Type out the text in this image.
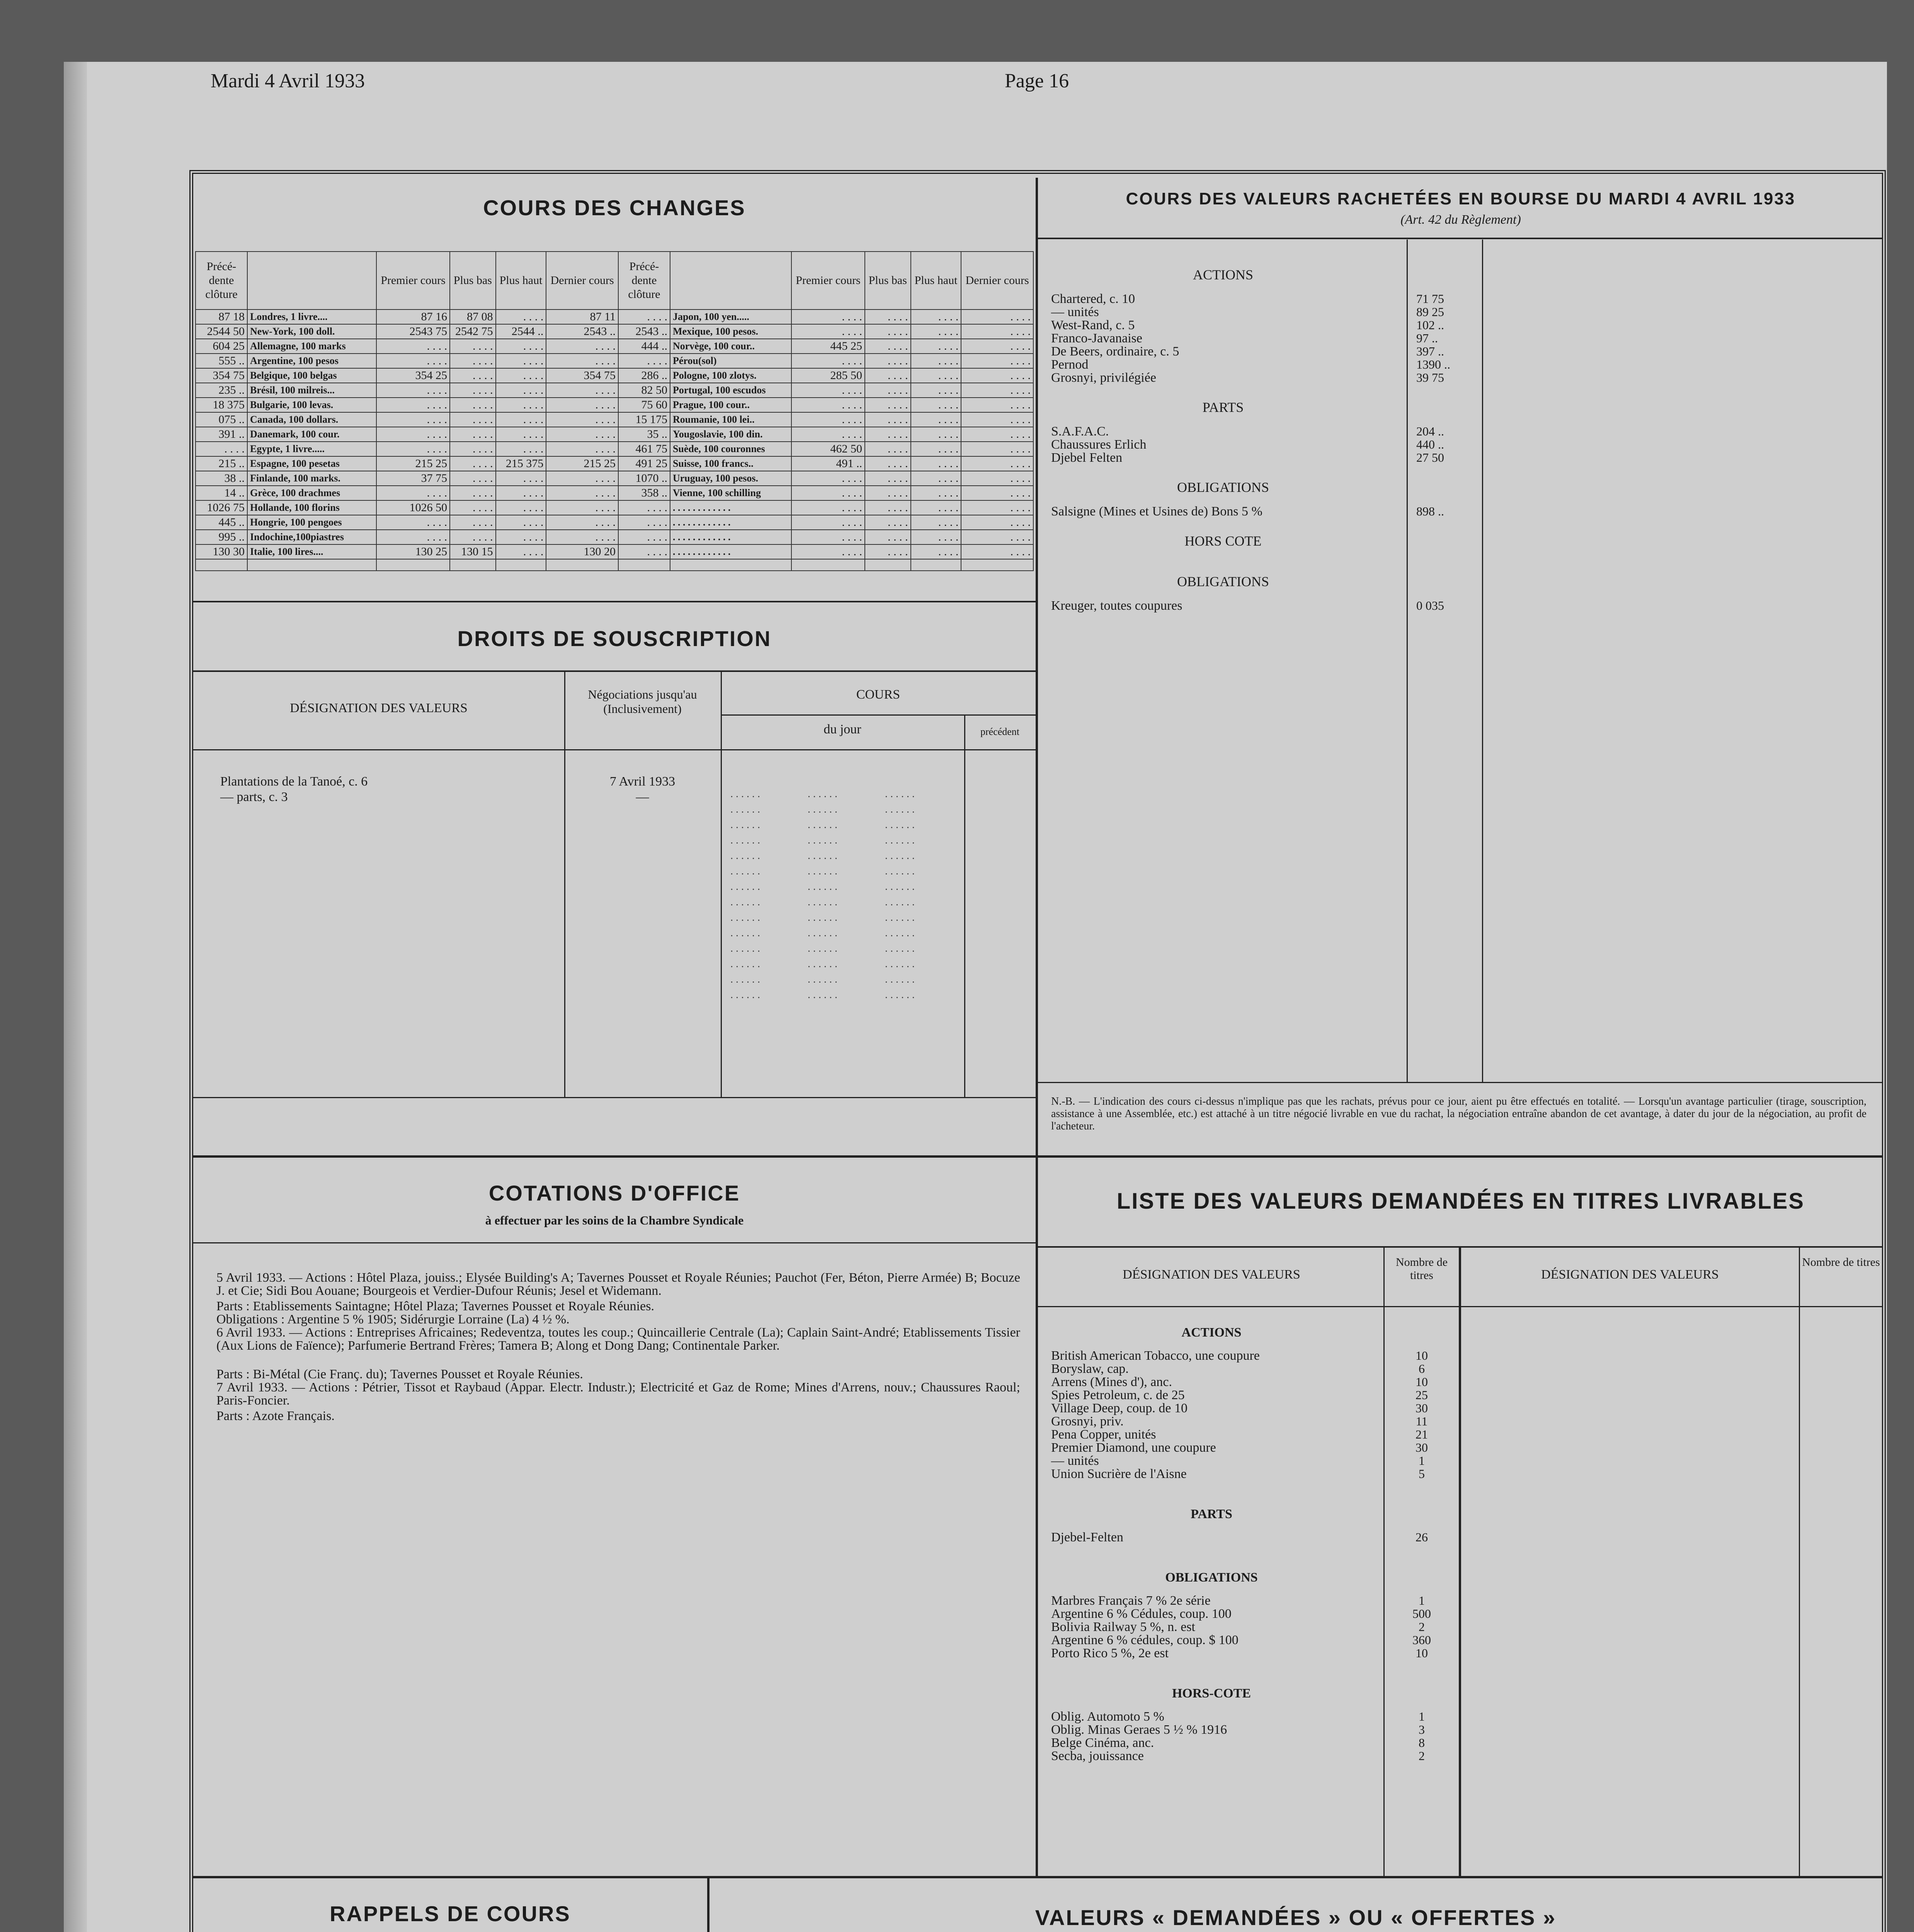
Mardi 4 Avril 1933	Page 16
COURS DES CHANGES
Précé-dente clôture		Premier cours	Plus bas	Plus haut	Dernier cours	Précé-dente clôture		Premier cours	Plus bas	Plus haut	Dernier cours
87 18	Londres, 1 livre....	87 16	87 08	. . . .	87 11	. . . .	Japon, 100 yen.....	. . . .	. . . .	. . . .	. . . .
2544 50	New-York, 100 doll.	2543 75	2542 75	2544 ..	2543 ..	2543 ..	Mexique, 100 pesos.	. . . .	. . . .	. . . .	. . . .
604 25	Allemagne, 100 marks	. . . .	. . . .	. . . .	. . . .	444 ..	Norvège, 100 cour..	445 25	. . . .	. . . .	. . . .
555 ..	Argentine, 100 pesos	. . . .	. . . .	. . . .	. . . .	. . . .	Pérou(sol)	. . . .	. . . .	. . . .	. . . .
354 75	Belgique, 100 belgas	354 25	. . . .	. . . .	354 75	286 ..	Pologne, 100 zlotys.	285 50	. . . .	. . . .	. . . .
235 ..	Brésil, 100 milreis...	. . . .	. . . .	. . . .	. . . .	82 50	Portugal, 100 escudos	. . . .	. . . .	. . . .	. . . .
18 375	Bulgarie, 100 levas.	. . . .	. . . .	. . . .	. . . .	75 60	Prague, 100 cour..	. . . .	. . . .	. . . .	. . . .
075 ..	Canada, 100 dollars.	. . . .	. . . .	. . . .	. . . .	15 175	Roumanie, 100 lei..	. . . .	. . . .	. . . .	. . . .
391 ..	Danemark, 100 cour.	. . . .	. . . .	. . . .	. . . .	35 ..	Yougoslavie, 100 din.	. . . .	. . . .	. . . .	. . . .
. . . .	Egypte, 1 livre.....	. . . .	. . . .	. . . .	. . . .	461 75	Suède, 100 couronnes	462 50	. . . .	. . . .	. . . .
215 ..	Espagne, 100 pesetas	215 25	. . . .	215 375	215 25	491 25	Suisse, 100 francs..	491 ..	. . . .	. . . .	. . . .
38 ..	Finlande, 100 marks.	37 75	. . . .	. . . .	. . . .	1070 ..	Uruguay, 100 pesos.	. . . .	. . . .	. . . .	. . . .
14 ..	Grèce, 100 drachmes	. . . .	. . . .	. . . .	. . . .	358 ..	Vienne, 100 schilling	. . . .	. . . .	. . . .	. . . .
1026 75	Hollande, 100 florins	1026 50	. . . .	. . . .	. . . .	. . . .	. . . . . . . . . . . .	. . . .	. . . .	. . . .	. . . .
445 ..	Hongrie, 100 pengoes	. . . .	. . . .	. . . .	. . . .	. . . .	. . . . . . . . . . . .	. . . .	. . . .	. . . .	. . . .
995 ..	Indochine,100piastres	. . . .	. . . .	. . . .	. . . .	. . . .	. . . . . . . . . . . .	. . . .	. . . .	. . . .	. . . .
130 30	Italie, 100 lires....	130 25	130 15	. . . .	130 20	. . . .	. . . . . . . . . . . .	. . . .	. . . .	. . . .	. . . .

DROITS DE SOUSCRIPTION
DÉSIGNATION DES VALEURS
Négociations jusqu'au (Inclusivement)
COURS
du jour	précédent
Plantations de la Tanoé, c. 6	7 Avril 1933
— parts, c. 3	—	. . . . . .	. . . . . .	. . . . . .
. . . . . .	. . . . . .	. . . . . .
. . . . . .	. . . . . .	. . . . . .
. . . . . .	. . . . . .	. . . . . .
. . . . . .	. . . . . .	. . . . . .
. . . . . .	. . . . . .	. . . . . .
. . . . . .	. . . . . .	. . . . . .
. . . . . .	. . . . . .	. . . . . .
. . . . . .	. . . . . .	. . . . . .
. . . . . .	. . . . . .	. . . . . .
. . . . . .	. . . . . .	. . . . . .
. . . . . .	. . . . . .	. . . . . .
. . . . . .	. . . . . .	. . . . . .
. . . . . .	. . . . . .	. . . . . .
COURS DES VALEURS RACHETÉES EN BOURSE DU MARDI 4 AVRIL 1933
(Art. 42 du Règlement)
ACTIONS
Chartered, c. 10	71 75
— unités	89 25
West-Rand, c. 5	102 ..
Franco-Javanaise	97 ..
De Beers, ordinaire, c. 5	397 ..
Pernod	1390 ..
Grosnyi, privilégiée	39 75
PARTS
S.A.F.A.C.	204 ..
Chaussures Erlich	440 ..
Djebel Felten	27 50
OBLIGATIONS
Salsigne (Mines et Usines de) Bons 5 %	898 ..
HORS COTE
OBLIGATIONS
Kreuger, toutes coupures	0 035
N.-B. — L'indication des cours ci-dessus n'implique pas que les rachats, prévus pour ce jour, aient pu être effectués en totalité. — Lorsqu'un avantage particulier (tirage, souscription, assistance à une Assemblée, etc.) est attaché à un titre négocié livrable en vue du rachat, la négociation entraîne abandon de cet avantage, à dater du jour de la négociation, au profit de l'acheteur.
COTATIONS D'OFFICE
à effectuer par les soins de la Chambre Syndicale
5 Avril 1933. — Actions : Hôtel Plaza, jouiss.; Elysée Building's A; Tavernes Pousset et Royale Réunies; Pauchot (Fer, Béton, Pierre Armée) B; Bocuze J. et Cie; Sidi Bou Aouane; Bourgeois et Verdier-Dufour Réunis; Jesel et Widemann.
Parts : Etablissements Saintagne; Hôtel Plaza; Tavernes Pousset et Royale Réunies.
Obligations : Argentine 5 % 1905; Sidérurgie Lorraine (La) 4 ½ %.
6 Avril 1933. — Actions : Entreprises Africaines; Redeventza, toutes les coup.; Quincaillerie Centrale (La); Caplain Saint-André; Etablissements Tissier (Aux Lions de Faïence); Parfumerie Bertrand Frères; Tamera B; Along et Dong Dang; Continentale Parker.
Parts : Bi-Métal (Cie Franç. du); Tavernes Pousset et Royale Réunies.
7 Avril 1933. — Actions : Pétrier, Tissot et Raybaud (Appar. Electr. Industr.); Electricité et Gaz de Rome; Mines d'Arrens, nouv.; Chaussures Raoul; Paris-Foncier.
Parts : Azote Français.
LISTE DES VALEURS DEMANDÉES EN TITRES LIVRABLES
DÉSIGNATION DES VALEURS
Nombre de titres	DÉSIGNATION DES VALEURS
Nombre de titres
ACTIONS
British American Tobacco, une coupure	10
Boryslaw, cap.	6
Arrens (Mines d'), anc.	10
Spies Petroleum, c. de 25	25
Village Deep, coup. de 10	30
Grosnyi, priv.	11
Pena Copper, unités	21
Premier Diamond, une coupure	30
— unités	1
Union Sucrière de l'Aisne	5
PARTS
Djebel-Felten	26
OBLIGATIONS
Marbres Français 7 % 2e série	1
Argentine 6 % Cédules, coup. 100	500
Bolivia Railway 5 %, n. est	2
Argentine 6 % cédules, coup. $ 100	360
Porto Rico 5 %, 2e est	10
HORS-COTE
Oblig. Automoto 5 %	1
Oblig. Minas Geraes 5 ½ % 1916	3
Belge Cinéma, anc.	8
Secba, jouissance	2
RAPPELS DE COURS	VALEURS « DEMANDÉES » OU « OFFERTES »
